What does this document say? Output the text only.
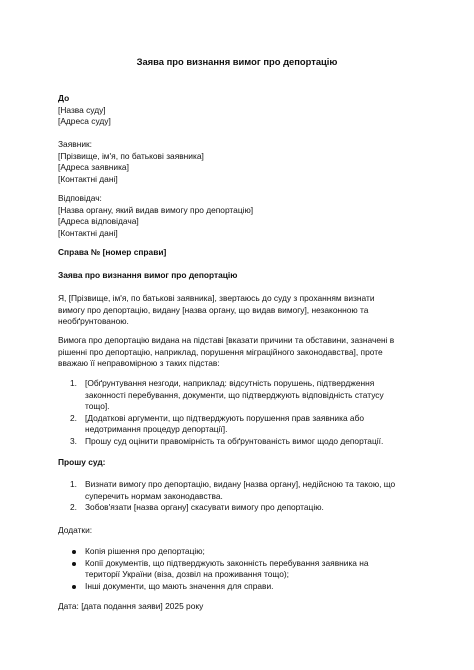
Заява про визнання вимог про депортацію
До
[Назва суду]
[Адреса суду]
Заявник:
[Прізвище, ім'я, по батькові заявника]
[Адреса заявника]
[Контактні дані]
Відповідач:
[Назва органу, який видав вимогу про депортацію]
[Адреса відповідача]
[Контактні дані]
Справа № [номер справи]
Заява про визнання вимог про депортацію
Я, [Прізвище, ім'я, по батькові заявника], звертаюсь до суду з проханням визнати
вимогу про депортацію, видану [назва органу, що видав вимогу], незаконною та
необґрунтованою.
Вимога про депортацію видана на підставі [вказати причини та обставини, зазначені в
рішенні про депортацію, наприклад, порушення міграційного законодавства], проте
вважаю її неправомірною з таких підстав:
1. [Обґрунтування незгоди, наприклад: відсутність порушень, підтвердження
законності перебування, документи, що підтверджують відповідність статусу
тощо].
2. [Додаткові аргументи, що підтверджують порушення прав заявника або
недотримання процедур депортації].
3. Прошу суд оцінити правомірність та обґрунтованість вимог щодо депортації.
Прошу суд:
1. Визнати вимогу про депортацію, видану [назва органу], недійсною та такою, що
суперечить нормам законодавства.
2. Зобов'язати [назва органу] скасувати вимогу про депортацію.
Додатки:
Копія рішення про депортацію;
Копії документів, що підтверджують законність перебування заявника на
території України (віза, дозвіл на проживання тощо);
Інші документи, що мають значення для справи.
Дата: [дата подання заяви] 2025 року
